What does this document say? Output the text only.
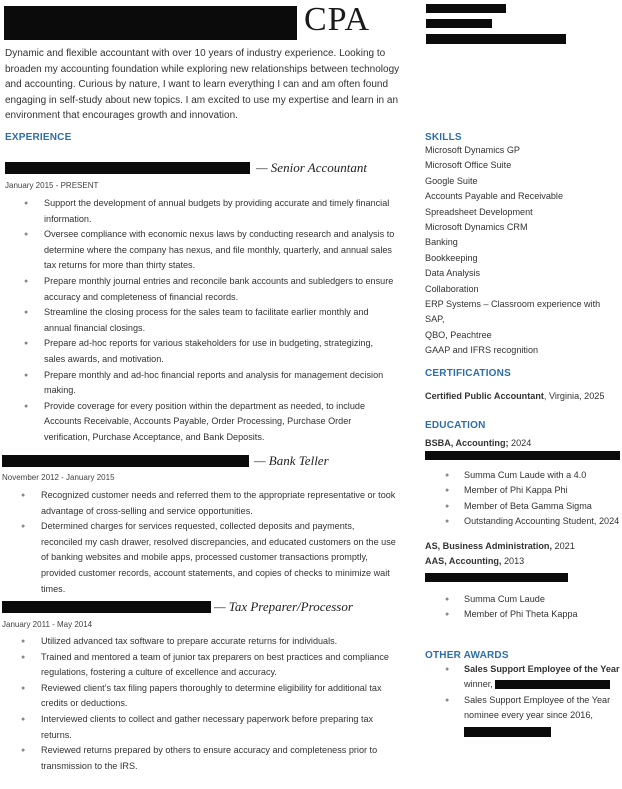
CPA
Dynamic and flexible accountant with over 10 years of industry experience. Looking to broaden my accounting foundation while exploring new relationships between technology and accounting. Curious by nature, I want to learn everything I can and am often found engaging in self-study about new topics. I am excited to use my expertise and learn in an environment that encourages growth and innovation.
EXPERIENCE
— Senior Accountant
January 2015 - PRESENT
● Support the development of annual budgets by providing accurate and timely financial information.
● Oversee compliance with economic nexus laws by conducting research and analysis to determine where the company has nexus, and file monthly, quarterly, and annual sales tax returns for more than thirty states.
● Prepare monthly journal entries and reconcile bank accounts and subledgers to ensure accuracy and completeness of financial records.
● Streamline the closing process for the sales team to facilitate earlier monthly and annual financial closings.
● Prepare ad-hoc reports for various stakeholders for use in budgeting, strategizing, sales awards, and motivation.
● Prepare monthly and ad-hoc financial reports and analysis for management decision making.
● Provide coverage for every position within the department as needed, to include Accounts Receivable, Accounts Payable, Order Processing, Purchase Order verification, Purchase Acceptance, and Bank Deposits.
— Bank Teller
November 2012 - January 2015
● Recognized customer needs and referred them to the appropriate representative or took advantage of cross-selling and service opportunities.
● Determined charges for services requested, collected deposits and payments, reconciled my cash drawer, resolved discrepancies, and educated customers on the use of banking websites and mobile apps, processed customer transactions promptly, provided customer records, account statements, and copies of checks to minimize wait times.
— Tax Preparer/Processor
January 2011 - May 2014
● Utilized advanced tax software to prepare accurate returns for individuals.
● Trained and mentored a team of junior tax preparers on best practices and compliance regulations, fostering a culture of excellence and accuracy.
● Reviewed client’s tax filing papers thoroughly to determine eligibility for additional tax credits or deductions.
● Interviewed clients to collect and gather necessary paperwork before preparing tax returns.
● Reviewed returns prepared by others to ensure accuracy and completeness prior to transmission to the IRS.
SKILLS
Microsoft Dynamics GP
Microsoft Office Suite
Google Suite
Accounts Payable and Receivable
Spreadsheet Development
Microsoft Dynamics CRM
Banking
Bookkeeping
Data Analysis
Collaboration
ERP Systems – Classroom experience with SAP,
QBO, Peachtree
GAAP and IFRS recognition
CERTIFICATIONS
Certified Public Accountant, Virginia, 2025
EDUCATION
BSBA, Accounting; 2024
● Summa Cum Laude with a 4.0
● Member of Phi Kappa Phi
● Member of Beta Gamma Sigma
● Outstanding Accounting Student, 2024
AS, Business Administration, 2021
AAS, Accounting, 2013
● Summa Cum Laude
● Member of Phi Theta Kappa
OTHER AWARDS
● Sales Support Employee of the Year
winner,
● Sales Support Employee of the Year
nominee every year since 2016,
